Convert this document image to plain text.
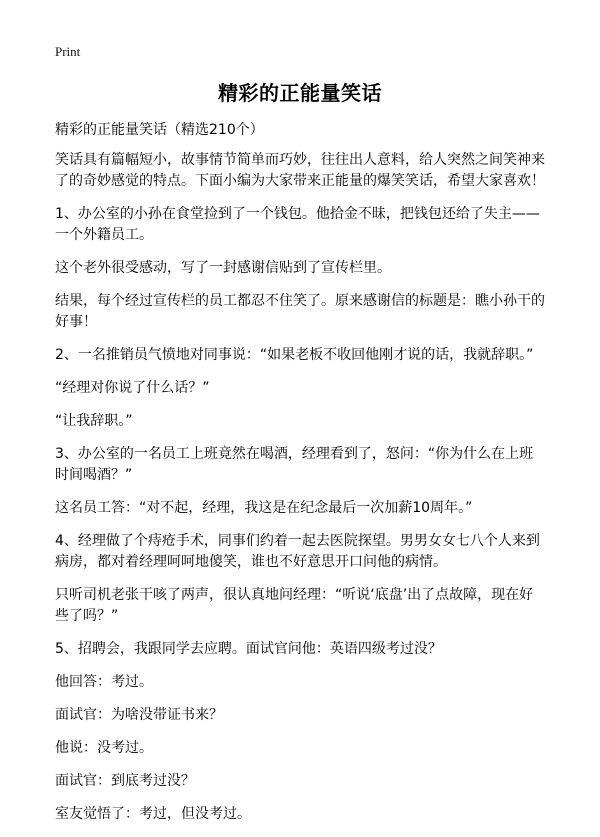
Print
精彩的正能量笑话
精彩的正能量笑话（精选210个）

笑话具有篇幅短小，故事情节简单而巧妙，往往出人意料，给人突然之间笑神来了的奇妙感觉的特点。下面小编为大家带来正能量的爆笑笑话，希望大家喜欢！

1、办公室的小孙在食堂捡到了一个钱包。他拾金不昧，把钱包还给了失主——一个外籍员工。

这个老外很受感动，写了一封感谢信贴到了宣传栏里。

结果，每个经过宣传栏的员工都忍不住笑了。原来感谢信的标题是：瞧小孙干的好事！

2、一名推销员气愤地对同事说：“如果老板不收回他刚才说的话，我就辞职。”

“经理对你说了什么话？”

“让我辞职。”

3、办公室的一名员工上班竟然在喝酒，经理看到了，怒问：“你为什么在上班时间喝酒？”

这名员工答：“对不起，经理，我这是在纪念最后一次加薪10周年。”

4、经理做了个痔疮手术，同事们约着一起去医院探望。男男女女七八个人来到病房，都对着经理呵呵地傻笑，谁也不好意思开口问他的病情。

只听司机老张干咳了两声，很认真地问经理：“听说‘底盘’出了点故障，现在好些了吗？”

5、招聘会，我跟同学去应聘。面试官问他：英语四级考过没？

他回答：考过。

面试官：为啥没带证书来？

他说：没考过。

面试官：到底考过没？

室友觉悟了：考过，但没考过。
